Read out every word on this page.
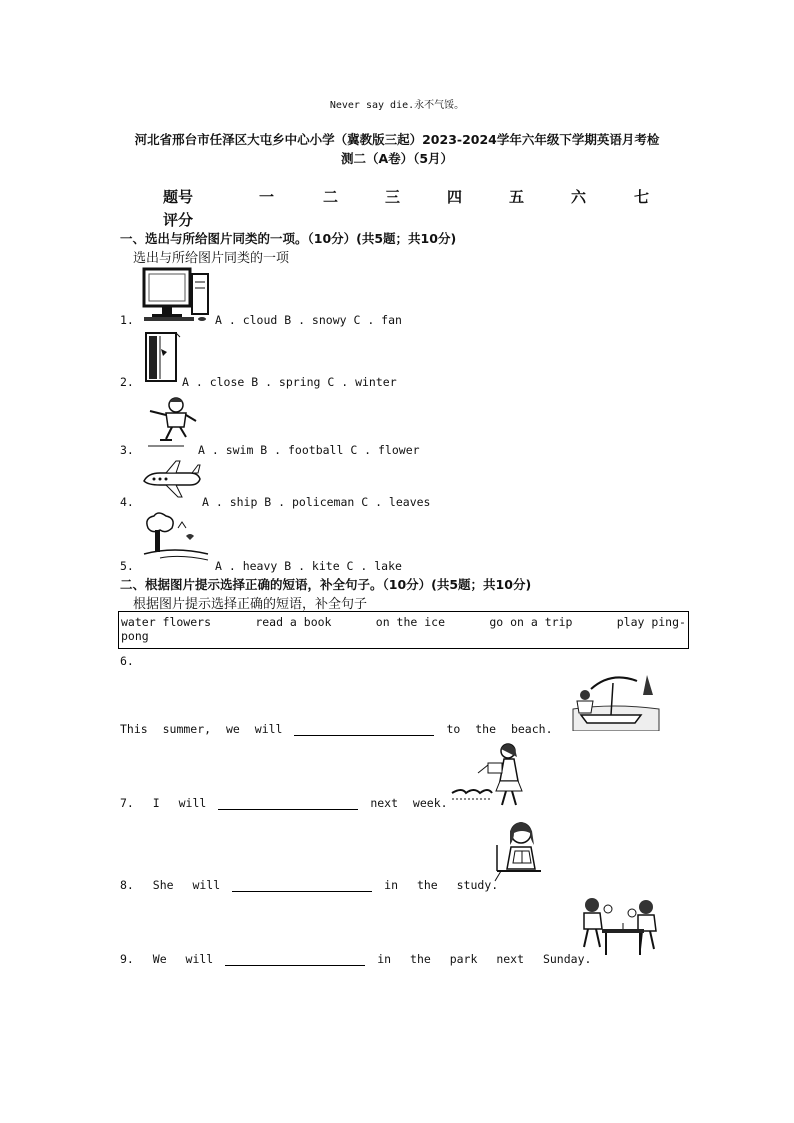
Never say die.永不气馁。
河北省邢台市任泽区大屯乡中心小学（冀教版三起）2023-2024学年六年级下学期英语月考检
测二（A卷）（5月）
题号	一	二	三	四	五	六	七
评分
一、选出与所给图片同类的一项。（10分）(共5题；共10分)
选出与所给图片同类的一项
1.	A . cloud B . snowy C . fan
2.	A . close B . spring C . winter
3.	A . swim B . football C . flower
4.	A . ship B . policeman C . leaves
5.	A . heavy B . kite C . lake
二、根据图片提示选择正确的短语，补全句子。（10分）(共5题；共10分)
根据图片提示选择正确的短语，补全句子
water flowers	read a book	on the ice	go on a trip	play ping-
pong
6.
This summer, we will	to the beach.
7. I will	next week.
8. She will	in the study.
9. We will	in the park next Sunday.
